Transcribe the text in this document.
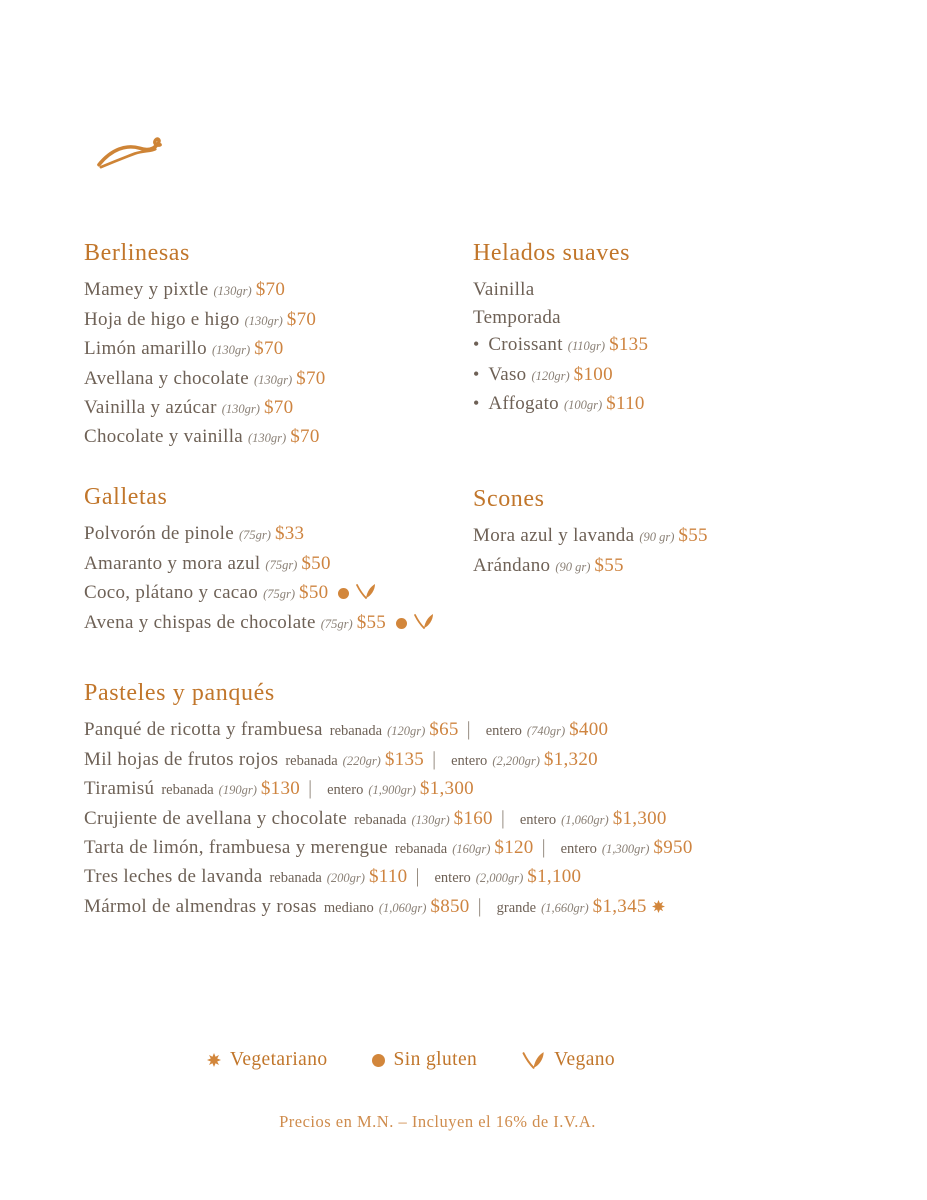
Berlinesas
Mamey y pixtle (130gr) $70
Hoja de higo e higo (130gr) $70
Limón amarillo (130gr) $70
Avellana y chocolate (130gr) $70
Vainilla y azúcar (130gr) $70
Chocolate y vainilla (130gr) $70
Helados suaves
Vainilla
Temporada
• Croissant (110gr) $135
• Vaso (120gr) $100
• Affogato (100gr) $110
Galletas
Polvorón de pinole (75gr) $33
Amaranto y mora azul (75gr) $50
Coco, plátano y cacao (75gr) $50
Avena y chispas de chocolate (75gr) $55
Scones
Mora azul y lavanda (90 gr) $55
Arándano (90 gr) $55
Pasteles y panqués
Panqué de ricotta y frambuesa rebanada (120gr) $65 | entero (740gr) $400
Mil hojas de frutos rojos rebanada (220gr) $135 | entero (2,200gr) $1,320
Tiramisú rebanada (190gr) $130 | entero (1,900gr) $1,300
Crujiente de avellana y chocolate rebanada (130gr) $160 | entero (1,060gr) $1,300
Tarta de limón, frambuesa y merengue rebanada (160gr) $120 | entero (1,300gr) $950
Tres leches de lavanda rebanada (200gr) $110 | entero (2,000gr) $1,100
Mármol de almendras y rosas mediano (1,060gr) $850 | grande (1,660gr) $1,345
Vegetariano	Sin gluten	Vegano
Precios en M.N. – Incluyen el 16% de I.V.A.
